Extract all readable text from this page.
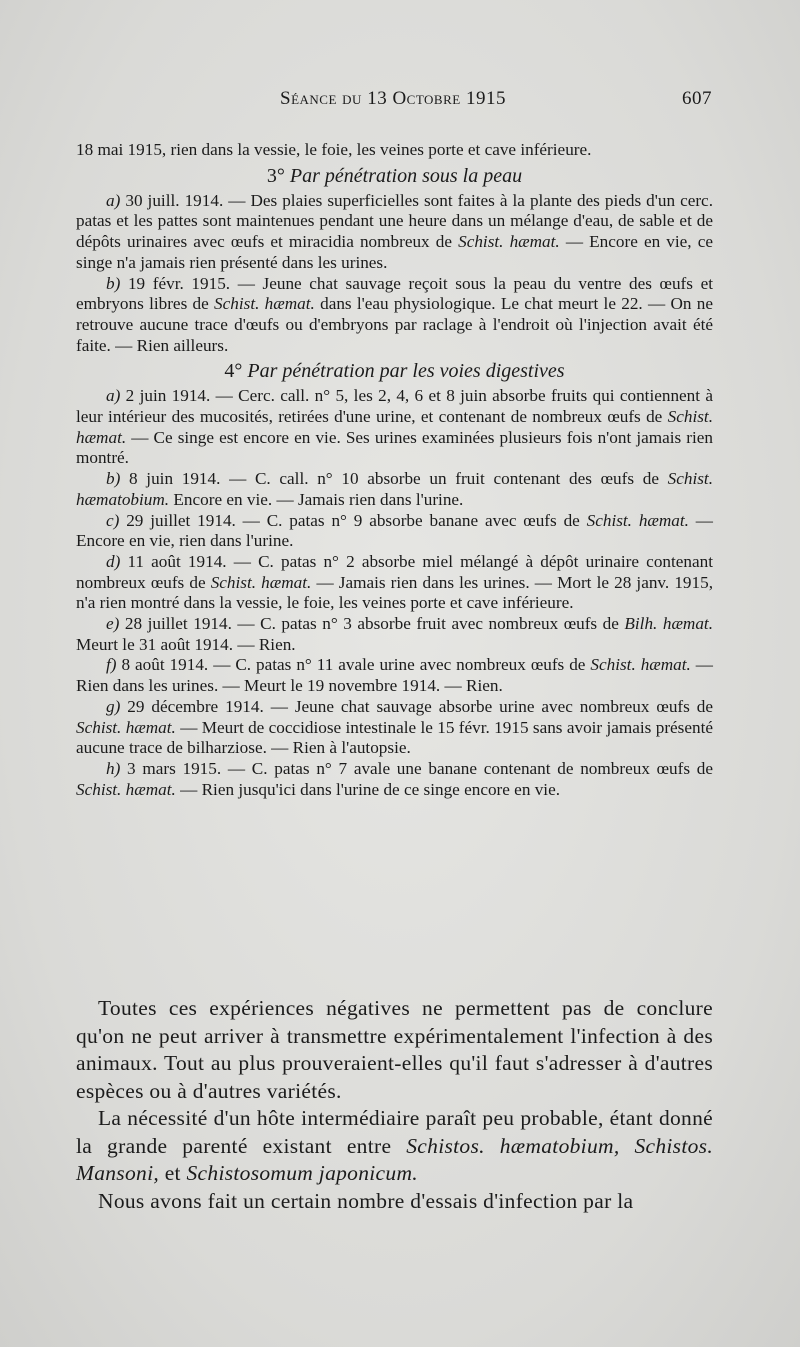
Séance du 13 Octobre 1915	607

18 mai 1915, rien dans la vessie, le foie, les veines porte et cave inférieure.

3° Par pénétration sous la peau

a) 30 juill. 1914. — Des plaies superficielles sont faites à la plante des pieds d'un cerc. patas et les pattes sont maintenues pendant une heure dans un mélange d'eau, de sable et de dépôts urinaires avec œufs et miracidia nombreux de Schist. hæmat. — Encore en vie, ce singe n'a jamais rien présenté dans les urines.

b) 19 févr. 1915. — Jeune chat sauvage reçoit sous la peau du ventre des œufs et embryons libres de Schist. hæmat. dans l'eau physiologique. Le chat meurt le 22. — On ne retrouve aucune trace d'œufs ou d'embryons par raclage à l'endroit où l'injection avait été faite. — Rien ailleurs.

4° Par pénétration par les voies digestives

a) 2 juin 1914. — Cerc. call. n° 5, les 2, 4, 6 et 8 juin absorbe fruits qui contiennent à leur intérieur des mucosités, retirées d'une urine, et contenant de nombreux œufs de Schist. hæmat. — Ce singe est encore en vie. Ses urines examinées plusieurs fois n'ont jamais rien montré.

b) 8 juin 1914. — C. call. n° 10 absorbe un fruit contenant des œufs de Schist. hæmatobium. Encore en vie. — Jamais rien dans l'urine.

c) 29 juillet 1914. — C. patas n° 9 absorbe banane avec œufs de Schist. hæmat. — Encore en vie, rien dans l'urine.

d) 11 août 1914. — C. patas n° 2 absorbe miel mélangé à dépôt urinaire contenant nombreux œufs de Schist. hæmat. — Jamais rien dans les urines. — Mort le 28 janv. 1915, n'a rien montré dans la vessie, le foie, les veines porte et cave inférieure.

e) 28 juillet 1914. — C. patas n° 3 absorbe fruit avec nombreux œufs de Bilh. hæmat. Meurt le 31 août 1914. — Rien.

f) 8 août 1914. — C. patas n° 11 avale urine avec nombreux œufs de Schist. hæmat. — Rien dans les urines. — Meurt le 19 novembre 1914. — Rien.

g) 29 décembre 1914. — Jeune chat sauvage absorbe urine avec nombreux œufs de Schist. hæmat. — Meurt de coccidiose intestinale le 15 févr. 1915 sans avoir jamais présenté aucune trace de bilharziose. — Rien à l'autopsie.

h) 3 mars 1915. — C. patas n° 7 avale une banane contenant de nombreux œufs de Schist. hæmat. — Rien jusqu'ici dans l'urine de ce singe encore en vie.

Toutes ces expériences négatives ne permettent pas de conclure qu'on ne peut arriver à transmettre expérimentalement l'infection à des animaux. Tout au plus prouveraient-elles qu'il faut s'adresser à d'autres espèces ou à d'autres variétés.

La nécessité d'un hôte intermédiaire paraît peu probable, étant donné la grande parenté existant entre Schistos. hæmatobium, Schistos. Mansoni, et Schistosomum japonicum.

Nous avons fait un certain nombre d'essais d'infection par la
